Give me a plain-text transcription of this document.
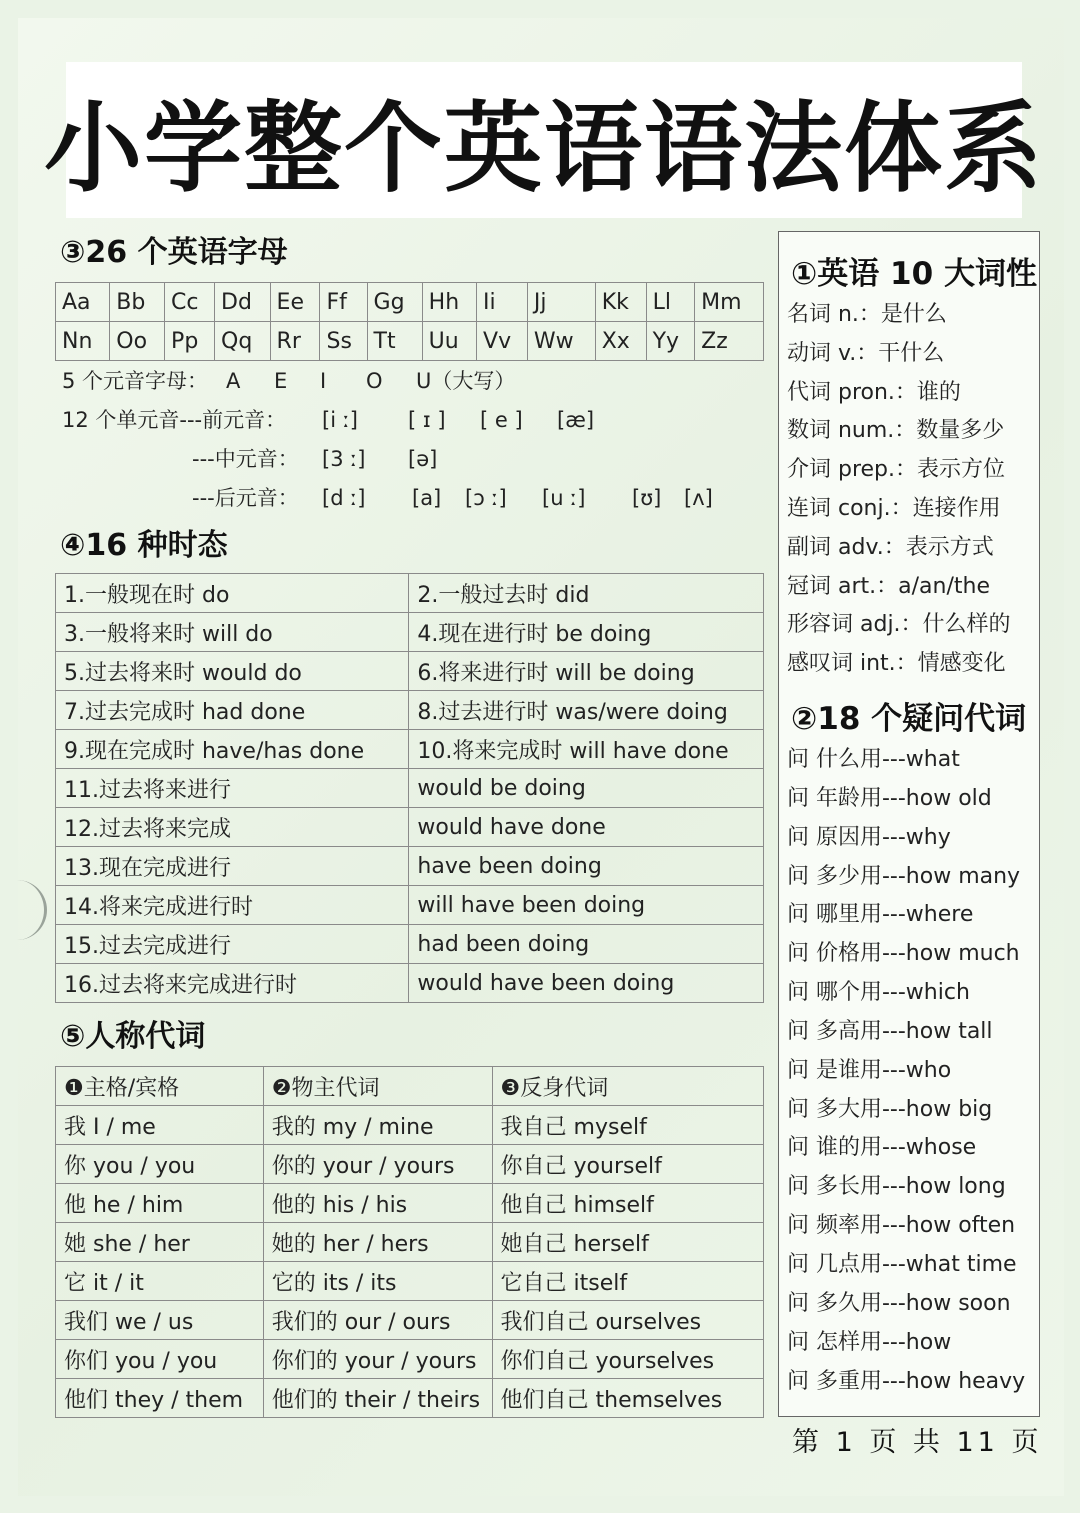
小学整个英语语法体系
③26 个英语字母
Aa	Bb	Cc	Dd	Ee	Ff	Gg	Hh	Ii	Jj	Kk	Ll	Mm
Nn	Oo	Pp	Qq	Rr	Ss	Tt	Uu	Vv	Ww	Xx	Yy	Zz
5 个元音字母： A E I O U（大写）
12 个单元音---前元音： [i ː] [ ɪ ] [ e ] [æ]
---中元音： [3 ː] [ə]
---后元音： [d ː] [a] [ɔ ː] [u ː] [ʊ] [ʌ]
④16 种时态
1.一般现在时 do	2.一般过去时 did
3.一般将来时 will do	4.现在进行时 be doing
5.过去将来时 would do	6.将来进行时 will be doing
7.过去完成时 had done	8.过去进行时 was/were doing
9.现在完成时 have/has done	10.将来完成时 will have done
11.过去将来进行	would be doing
12.过去将来完成	would have done
13.现在完成进行	have been doing
14.将来完成进行时	will have been doing
15.过去完成进行	had been doing
16.过去将来完成进行时	would have been doing
⑤人称代词
❶主格/宾格	❷物主代词	❸反身代词
我 I / me	我的 my / mine	我自己 myself
你 you / you	你的 your / yours	你自己 yourself
他 he / him	他的 his / his	他自己 himself
她 she / her	她的 her / hers	她自己 herself
它 it / it	它的 its / its	它自己 itself
我们 we / us	我们的 our / ours	我们自己 ourselves
你们 you / you	你们的 your / yours	你们自己 yourselves
他们 they / them	他们的 their / theirs	他们自己 themselves
①英语 10 大词性
名词 n.：是什么
动词 v.：干什么
代词 pron.：谁的
数词 num.：数量多少
介词 prep.：表示方位
连词 conj.：连接作用
副词 adv.：表示方式
冠词 art.：a/an/the
形容词 adj.：什么样的
感叹词 int.：情感变化
②18 个疑问代词
问 什么用---what
问 年龄用---how old
问 原因用---why
问 多少用---how many
问 哪里用---where
问 价格用---how much
问 哪个用---which
问 多高用---how tall
问 是谁用---who
问 多大用---how big
问 谁的用---whose
问 多长用---how long
问 频率用---how often
问 几点用---what time
问 多久用---how soon
问 怎样用---how
问 多重用---how heavy
第 1 页 共 11 页
